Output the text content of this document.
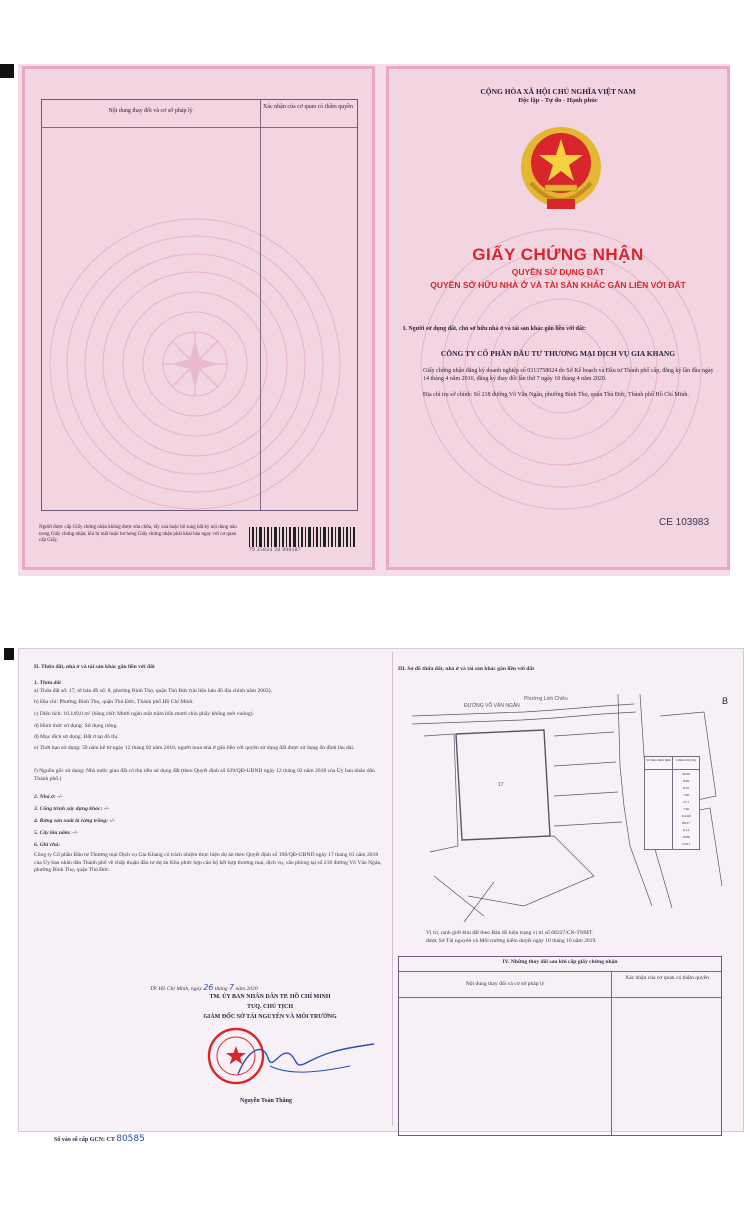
Nội dung thay đổi và cơ sở pháp lý
Xác nhận của cơ quan có thẩm quyền
Người được cấp Giấy chứng nhận không được sửa chữa, tẩy xóa hoặc bổ sung bất kỳ nội dung nào trong Giấy chứng nhận; khi bị mất hoặc hư hỏng Giấy chứng nhận phải khai báo ngay với cơ quan cấp Giấy.
79 25824 20 000187
CỘNG HÒA XÃ HỘI CHỦ NGHĨA VIỆT NAM
Độc lập - Tự do - Hạnh phúc
GIẤY CHỨNG NHẬN
QUYỀN SỬ DỤNG ĐẤT
QUYỀN SỞ HỮU NHÀ Ở VÀ TÀI SẢN KHÁC GẮN LIỀN VỚI ĐẤT
I. Người sử dụng đất, chủ sở hữu nhà ở và tài sản khác gắn liền với đất:
CÔNG TY CỔ PHẦN ĐẦU TƯ THƯƠNG MẠI DỊCH VỤ GIA KHANG
Giấy chứng nhận đăng ký doanh nghiệp số 0313758024 do Sở Kế hoạch và Đầu tư Thành phố cấp, đăng ký lần đầu ngày 14 tháng 4 năm 2016, đăng ký thay đổi lần thứ 7 ngày 10 tháng 4 năm 2020.
Địa chỉ trụ sở chính: Số 218 đường Võ Văn Ngân, phường Bình Thọ, quận Thủ Đức, Thành phố Hồ Chí Minh.
CE 103983
II. Thửa đất, nhà ở và tài sản khác gắn liền với đất
1. Thửa đất
a) Thửa đất số: 17, tờ bản đồ số: 8, phường Bình Thọ, quận Thủ Đức (tài liệu bản đồ địa chính năm 2003).
b) Địa chỉ: Phường Bình Thọ, quận Thủ Đức, Thành phố Hồ Chí Minh.
c) Diện tích: 10.149,0 m² (bằng chữ: Mười ngàn một trăm bốn mươi chín phẩy không mét vuông).
d) Hình thức sử dụng: Sử dụng riêng.
đ) Mục đích sử dụng: Đất ở tại đô thị.
e) Thời hạn sử dụng: 50 năm kể từ ngày 12 tháng 02 năm 2018, người mua nhà ở gắn liền với quyền sử dụng đất được sử dụng ổn định lâu dài.
f) Nguồn gốc sử dụng: Nhà nước giao đất có thu tiền sử dụng đất (theo Quyết định số 629/QĐ-UBND ngày 12 tháng 02 năm 2018 của Ủy ban nhân dân Thành phố.)
2. Nhà ở: -/-
3. Công trình xây dựng khác: -/-
4. Rừng sản xuất là rừng trồng: -/-
5. Cây lâu năm: -/-
6. Ghi chú:
Công ty Cổ phần Đầu tư Thương mại Dịch vụ Gia Khang có trách nhiệm thực hiện dự án theo Quyết định số 198/QĐ-UBND ngày 17 tháng 01 năm 2018 của Ủy ban nhân dân Thành phố về chấp thuận đầu tư dự án Khu phức hợp căn hộ kết hợp thương mại, dịch vụ, văn phòng tại số 218 đường Võ Văn Ngân, phường Bình Thọ, quận Thủ Đức.
TP. Hồ Chí Minh, ngày 26 tháng 7 năm 2020
TM. ỦY BAN NHÂN DÂN TP. HỒ CHÍ MINH
TUQ. CHỦ TỊCH
GIÁM ĐỐC SỞ TÀI NGUYÊN VÀ MÔI TRƯỜNG
Nguyễn Toàn Thắng
Số vào sổ cấp GCN: CT 80585
III. Sơ đồ thửa đất, nhà ở và tài sản khác gắn liền với đất
B
17
ĐƯỜNG VÕ VĂN NGÂN
Phường Linh Chiểu
Số hiệu đỉnh thửa	Chiều dài (m)
99.38
8.89
6.35
7.00
4.71
7.00
112.60
86.37
8.14
16.80
55.61
Vị trí, ranh giới khu đất theo Bản đồ hiện trạng vị trí số 68227/CN-TNMT
được Sở Tài nguyên và Môi trường kiểm duyệt ngày 10 tháng 10 năm 2019.
IV. Những thay đổi sau khi cấp giấy chứng nhận
Nội dung thay đổi và cơ sở pháp lý
Xác nhận của cơ quan có thẩm quyền
